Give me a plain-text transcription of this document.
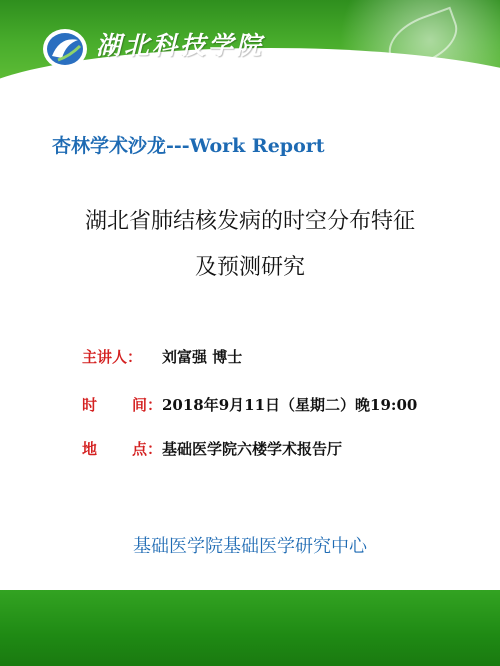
湖北科技学院
HUBEI UNIVERSITY OF SCIENCE AND TECHNOLOGY
杏林学术沙龙---Work Report
湖北省肺结核发病的时空分布特征
及预测研究
主讲人： 刘富强 博士
时 间： 2018年9月11日（星期二）晚19:00
地 点： 基础医学院六楼学术报告厅
基础医学院基础医学研究中心
